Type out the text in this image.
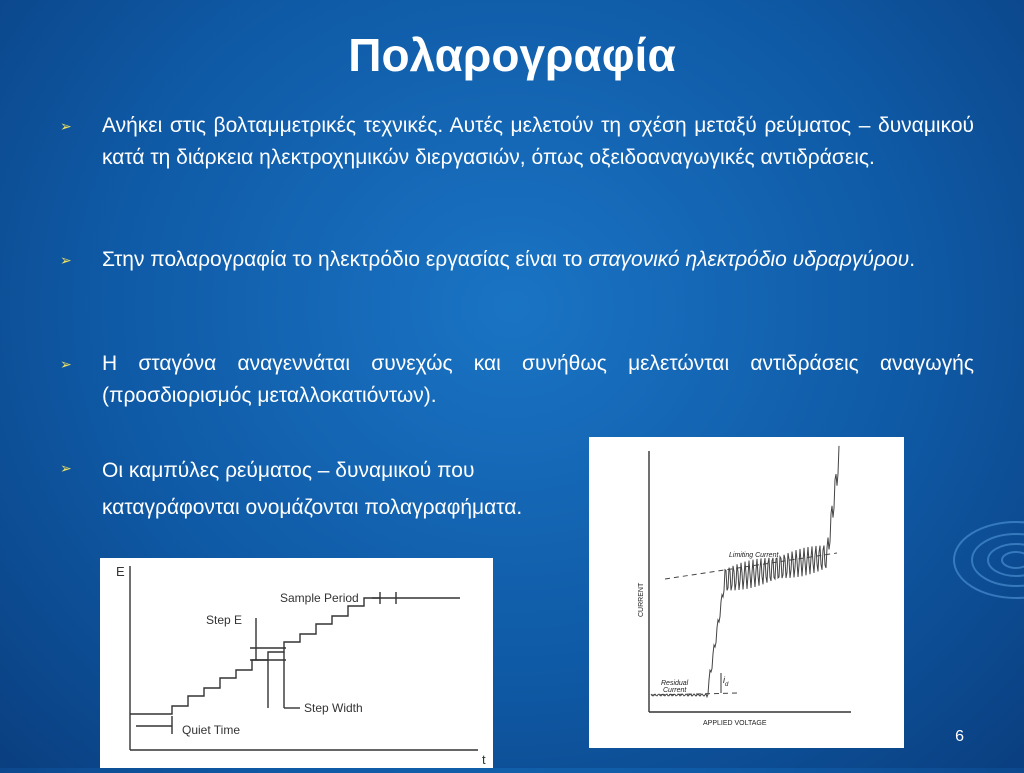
Πολαρογραφία
➢ Ανήκει στις βολταμμετρικές τεχνικές. Αυτές μελετούν τη σχέση μεταξύ ρεύματος – δυναμικού κατά τη διάρκεια ηλεκτροχημικών διεργασιών, όπως οξειδοαναγωγικές αντιδράσεις.
➢ Στην πολαρογραφία το ηλεκτρόδιο εργασίας είναι το σταγονικό ηλεκτρόδιο υδραργύρου.
➢ Η σταγόνα αναγεννάται συνεχώς και συνήθως μελετώνται αντιδράσεις αναγωγής (προσδιορισμός μεταλλοκατιόντων).
➢ Οι καμπύλες ρεύματος – δυναμικού που καταγράφονται ονομάζονται πολαγραφήματα.
E
t
Sample Period
Step E
Step Width
Quiet Time
CURRENT
APPLIED VOLTAGE
Limiting Current
Residual
Current
$i_d$
6
